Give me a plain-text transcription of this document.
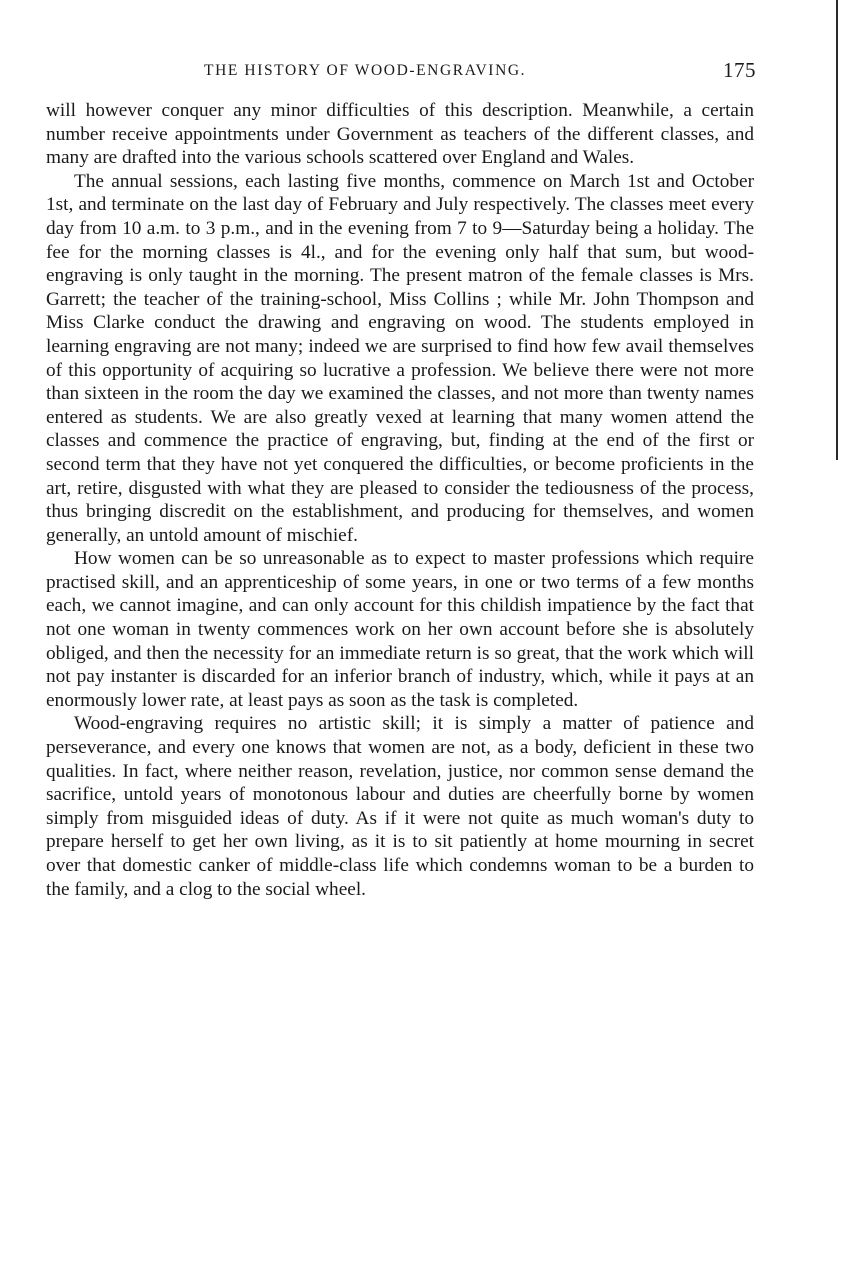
THE HISTORY OF WOOD-ENGRAVING.	175

will however conquer any minor difficulties of this description. Meanwhile, a certain number receive appointments under Government as teachers of the different classes, and many are drafted into the various schools scattered over England and Wales.

The annual sessions, each lasting five months, commence on March 1st and October 1st, and terminate on the last day of February and July respectively. The classes meet every day from 10 a.m. to 3 p.m., and in the evening from 7 to 9—Saturday being a holiday. The fee for the morning classes is 4l., and for the evening only half that sum, but wood-engraving is only taught in the morning. The present matron of the female classes is Mrs. Garrett; the teacher of the training-school, Miss Collins ; while Mr. John Thompson and Miss Clarke conduct the drawing and engraving on wood. The students employed in learning engraving are not many; indeed we are surprised to find how few avail themselves of this opportunity of acquiring so lucrative a profession. We believe there were not more than sixteen in the room the day we examined the classes, and not more than twenty names entered as students. We are also greatly vexed at learning that many women attend the classes and commence the practice of engraving, but, finding at the end of the first or second term that they have not yet conquered the difficulties, or become proficients in the art, retire, disgusted with what they are pleased to consider the tediousness of the process, thus bringing discredit on the establishment, and producing for themselves, and women generally, an untold amount of mischief.

How women can be so unreasonable as to expect to master professions which require practised skill, and an apprenticeship of some years, in one or two terms of a few months each, we cannot imagine, and can only account for this childish impatience by the fact that not one woman in twenty commences work on her own account before she is absolutely obliged, and then the necessity for an immediate return is so great, that the work which will not pay instanter is discarded for an inferior branch of industry, which, while it pays at an enormously lower rate, at least pays as soon as the task is completed.

Wood-engraving requires no artistic skill; it is simply a matter of patience and perseverance, and every one knows that women are not, as a body, deficient in these two qualities. In fact, where neither reason, revelation, justice, nor common sense demand the sacrifice, untold years of monotonous labour and duties are cheerfully borne by women simply from misguided ideas of duty. As if it were not quite as much woman's duty to prepare herself to get her own living, as it is to sit patiently at home mourning in secret over that domestic canker of middle-class life which condemns woman to be a burden to the family, and a clog to the social wheel.
